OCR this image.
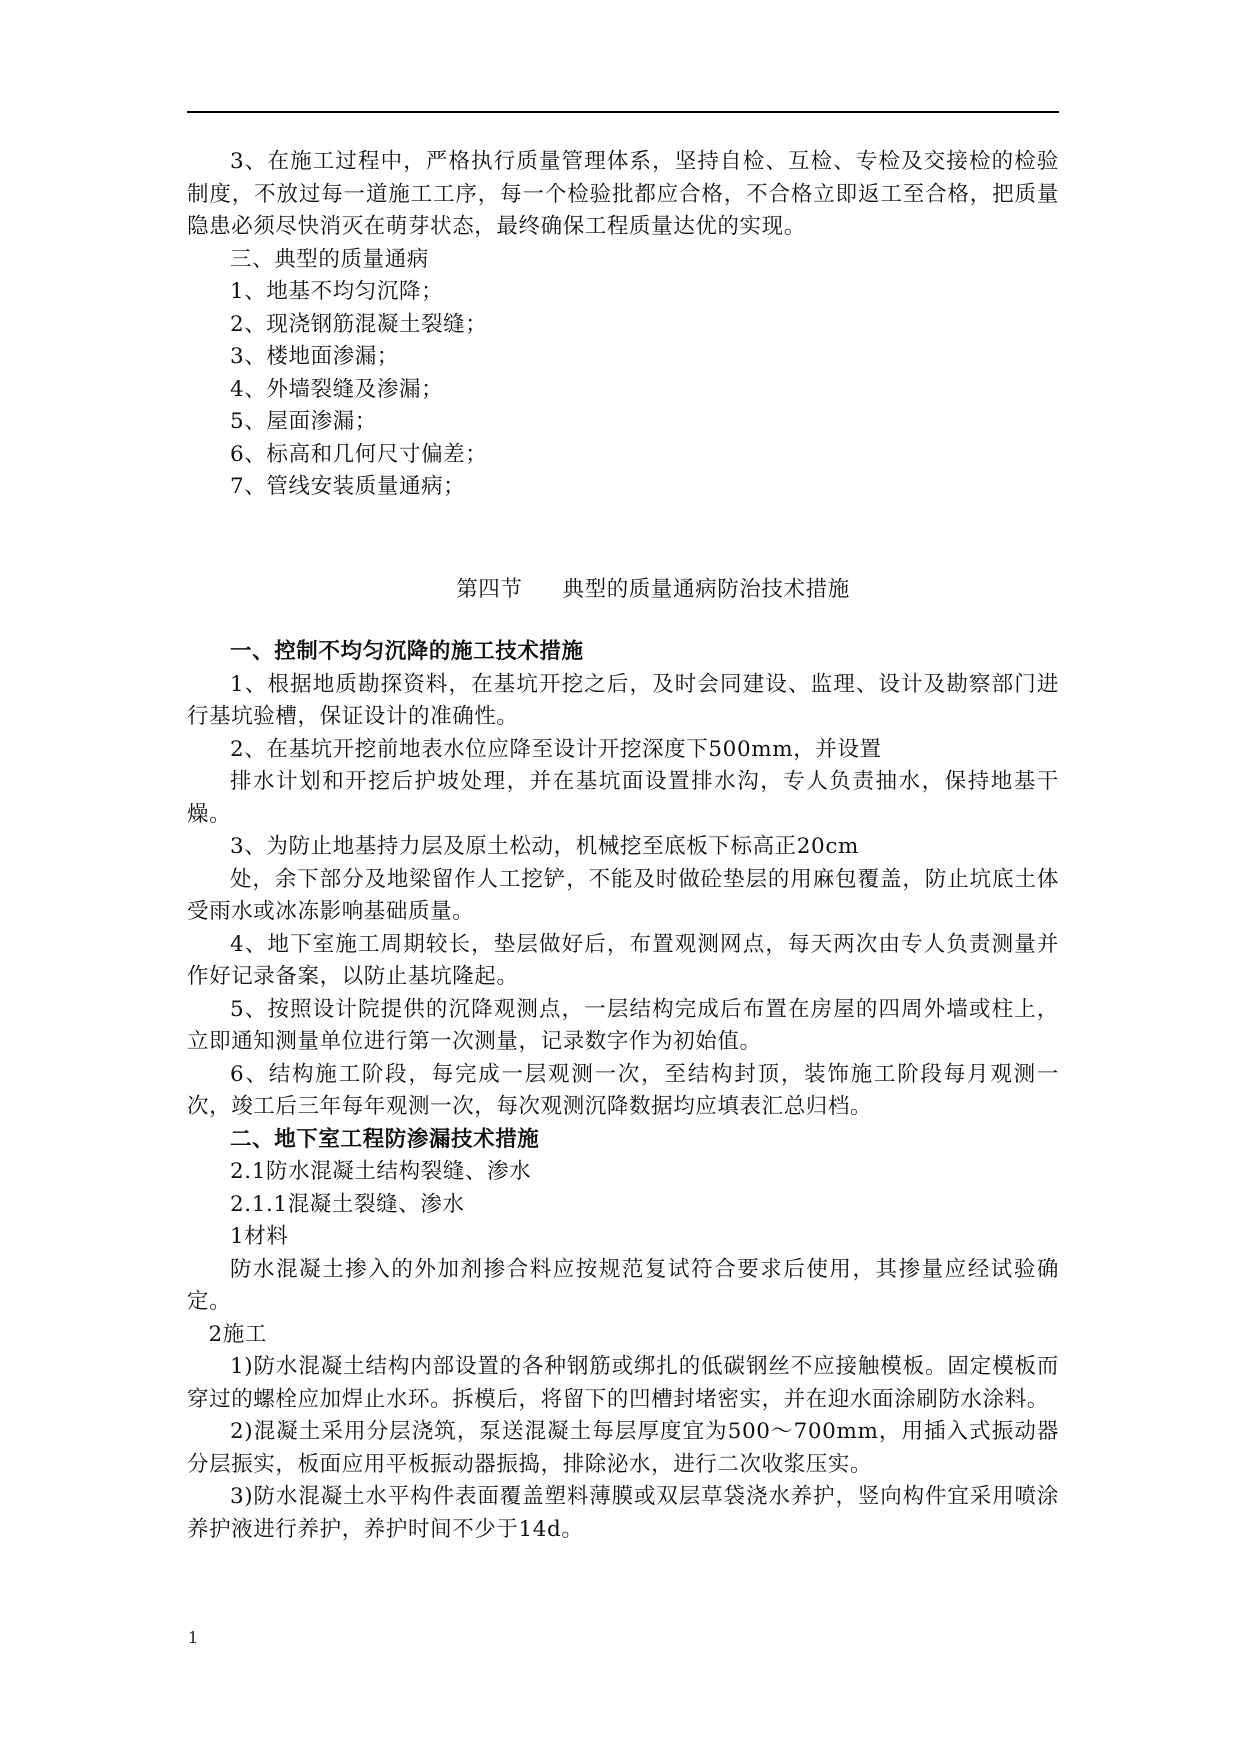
3、在施工过程中，严格执行质量管理体系，坚持自检、互检、专检及交接检的检验制度，不放过每一道施工工序，每一个检验批都应合格，不合格立即返工至合格，把质量隐患必须尽快消灭在萌芽状态，最终确保工程质量达优的实现。

三、典型的质量通病

1、地基不均匀沉降；

2、现浇钢筋混凝土裂缝；

3、楼地面渗漏；

4、外墙裂缝及渗漏；

5、屋面渗漏；

6、标高和几何尺寸偏差；

7、管线安装质量通病；

第四节 典型的质量通病防治技术措施

一、控制不均匀沉降的施工技术措施

1、根据地质勘探资料，在基坑开挖之后，及时会同建设、监理、设计及勘察部门进行基坑验槽，保证设计的准确性。

2、在基坑开挖前地表水位应降至设计开挖深度下500mm，并设置

排水计划和开挖后护坡处理，并在基坑面设置排水沟，专人负责抽水，保持地基干燥。

3、为防止地基持力层及原土松动，机械挖至底板下标高正20cm

处，余下部分及地梁留作人工挖铲，不能及时做砼垫层的用麻包覆盖，防止坑底土体受雨水或冰冻影响基础质量。

4、地下室施工周期较长，垫层做好后，布置观测网点，每天两次由专人负责测量并作好记录备案，以防止基坑隆起。

5、按照设计院提供的沉降观测点，一层结构完成后布置在房屋的四周外墙或柱上，立即通知测量单位进行第一次测量，记录数字作为初始值。

6、结构施工阶段，每完成一层观测一次，至结构封顶，装饰施工阶段每月观测一次，竣工后三年每年观测一次，每次观测沉降数据均应填表汇总归档。

二、地下室工程防渗漏技术措施

2.1防水混凝土结构裂缝、渗水

2.1.1混凝土裂缝、渗水

1材料

防水混凝土掺入的外加剂掺合料应按规范复试符合要求后使用，其掺量应经试验确定。

2施工

1)防水混凝土结构内部设置的各种钢筋或绑扎的低碳钢丝不应接触模板。固定模板而穿过的螺栓应加焊止水环。拆模后，将留下的凹槽封堵密实，并在迎水面涂刷防水涂料。

2)混凝土采用分层浇筑，泵送混凝土每层厚度宜为500～700mm，用插入式振动器分层振实，板面应用平板振动器振捣，排除泌水，进行二次收浆压实。

3)防水混凝土水平构件表面覆盖塑料薄膜或双层草袋浇水养护，竖向构件宜采用喷涂养护液进行养护，养护时间不少于14d。

1
